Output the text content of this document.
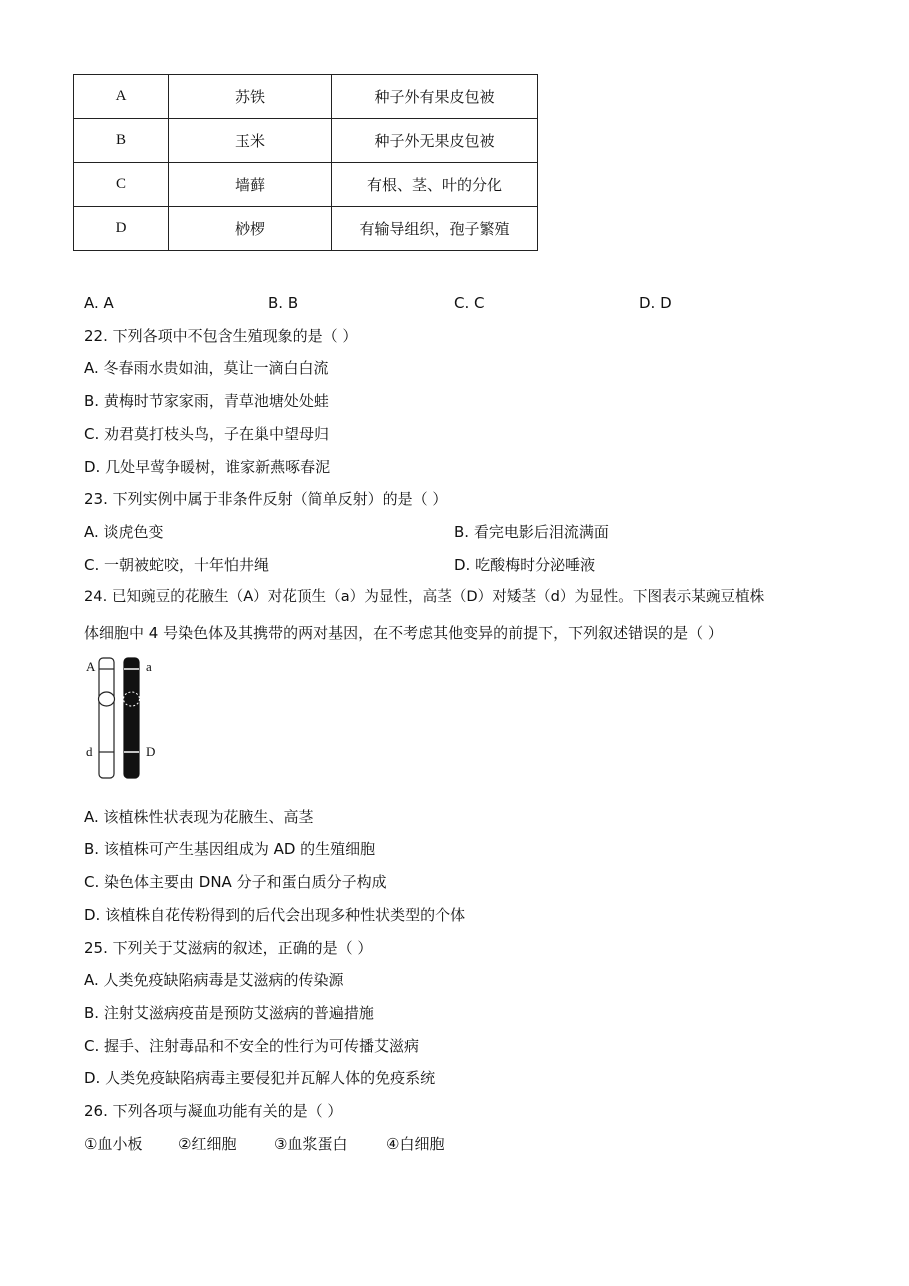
A	苏铁	种子外有果皮包被
B	玉米	种子外无果皮包被
C	墙藓	有根、茎、叶的分化
D	桫椤	有输导组织，孢子繁殖
A. A	B. B	C. C	D. D
22. 下列各项中不包含生殖现象的是（ ）
A. 冬春雨水贵如油，莫让一滴白白流
B. 黄梅时节家家雨，青草池塘处处蛙
C. 劝君莫打枝头鸟，子在巢中望母归
D. 几处早莺争暖树，谁家新燕啄春泥
23. 下列实例中属于非条件反射（简单反射）的是（ ）
A. 谈虎色变	B. 看完电影后泪流满面
C. 一朝被蛇咬，十年怕井绳	D. 吃酸梅时分泌唾液
24. 已知豌豆的花腋生（A）对花顶生（a）为显性，高茎（D）对矮茎（d）为显性。下图表示某豌豆植株
体细胞中 4 号染色体及其携带的两对基因，在不考虑其他变异的前提下，下列叙述错误的是（ ）
A	a
d	D
A. 该植株性状表现为花腋生、高茎
B. 该植株可产生基因组成为 AD 的生殖细胞
C. 染色体主要由 DNA 分子和蛋白质分子构成
D. 该植株自花传粉得到的后代会出现多种性状类型的个体
25. 下列关于艾滋病的叙述，正确的是（ ）
A. 人类免疫缺陷病毒是艾滋病的传染源
B. 注射艾滋病疫苗是预防艾滋病的普遍措施
C. 握手、注射毒品和不安全的性行为可传播艾滋病
D. 人类免疫缺陷病毒主要侵犯并瓦解人体的免疫系统
26. 下列各项与凝血功能有关的是（ ）
①血小板 ②红细胞	③血浆蛋白	④白细胞
